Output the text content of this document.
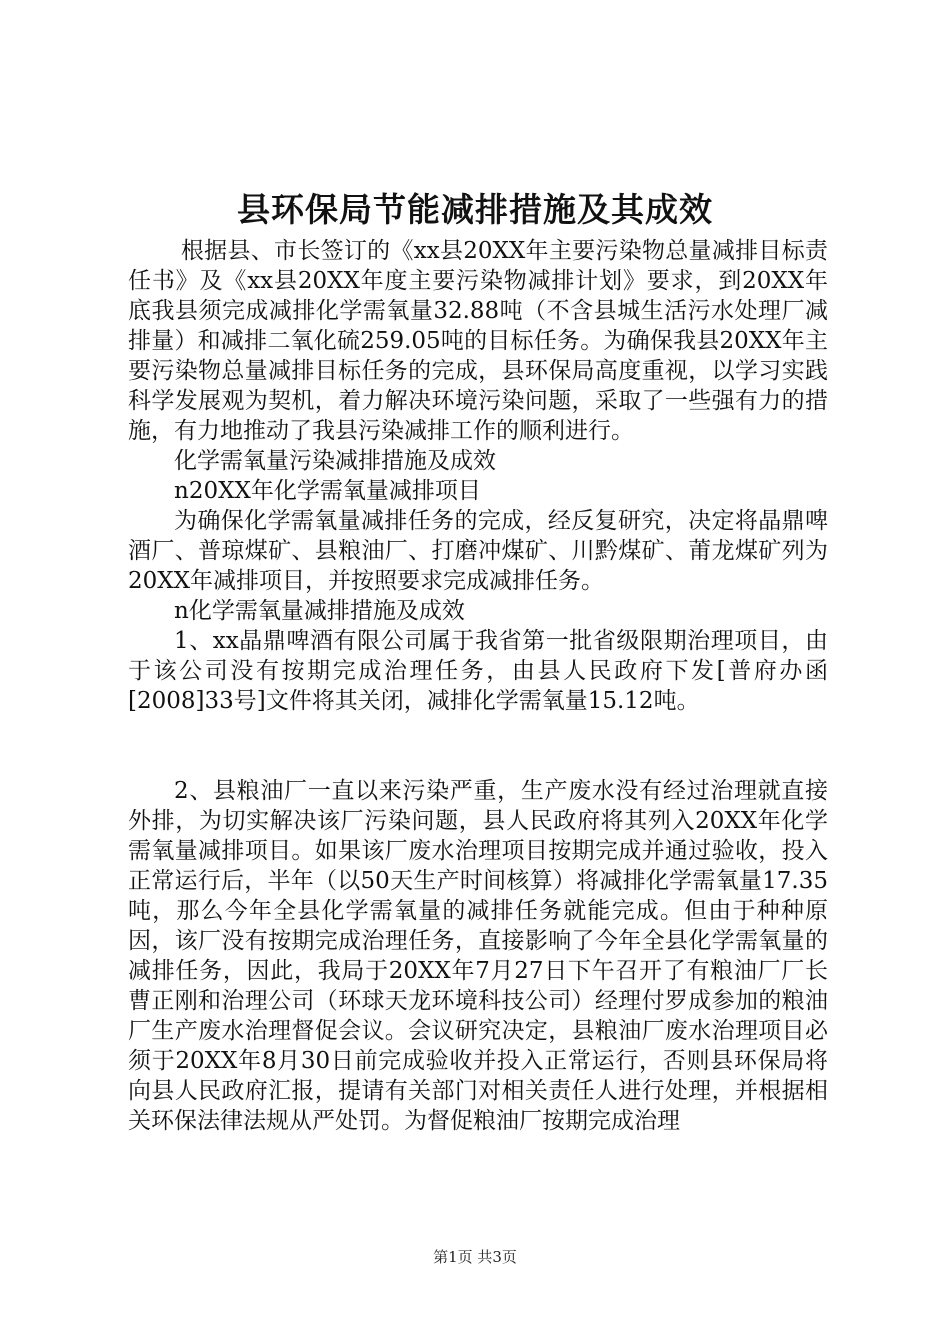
县环保局节能减排措施及其成效

根据县、市长签订的《xx县20XX年主要污染物总量减排目标责任书》及《xx县20XX年度主要污染物减排计划》要求，到20XX年底我县须完成减排化学需氧量32.88吨（不含县城生活污水处理厂减排量）和减排二氧化硫259.05吨的目标任务。为确保我县20XX年主要污染物总量减排目标任务的完成，县环保局高度重视，以学习实践科学发展观为契机，着力解决环境污染问题，采取了一些强有力的措施，有力地推动了我县污染减排工作的顺利进行。

化学需氧量污染减排措施及成效

n20XX年化学需氧量减排项目

为确保化学需氧量减排任务的完成，经反复研究，决定将晶鼎啤酒厂、普琼煤矿、县粮油厂、打磨冲煤矿、川黔煤矿、莆龙煤矿列为20XX年减排项目，并按照要求完成减排任务。

n化学需氧量减排措施及成效

1、xx晶鼎啤酒有限公司属于我省第一批省级限期治理项目，由于该公司没有按期完成治理任务，由县人民政府下发[普府办函[2008]33号]文件将其关闭，减排化学需氧量15.12吨。

2、县粮油厂一直以来污染严重，生产废水没有经过治理就直接外排，为切实解决该厂污染问题，县人民政府将其列入20XX年化学需氧量减排项目。如果该厂废水治理项目按期完成并通过验收，投入正常运行后，半年（以50天生产时间核算）将减排化学需氧量17.35吨，那么今年全县化学需氧量的减排任务就能完成。但由于种种原因，该厂没有按期完成治理任务，直接影响了今年全县化学需氧量的减排任务，因此，我局于20XX年7月27日下午召开了有粮油厂厂长曹正刚和治理公司（环球天龙环境科技公司）经理付罗成参加的粮油厂生产废水治理督促会议。会议研究决定，县粮油厂废水治理项目必须于20XX年8月30日前完成验收并投入正常运行，否则县环保局将向县人民政府汇报，提请有关部门对相关责任人进行处理，并根据相关环保法律法规从严处罚。为督促粮油厂按期完成治理

第1页 共3页
